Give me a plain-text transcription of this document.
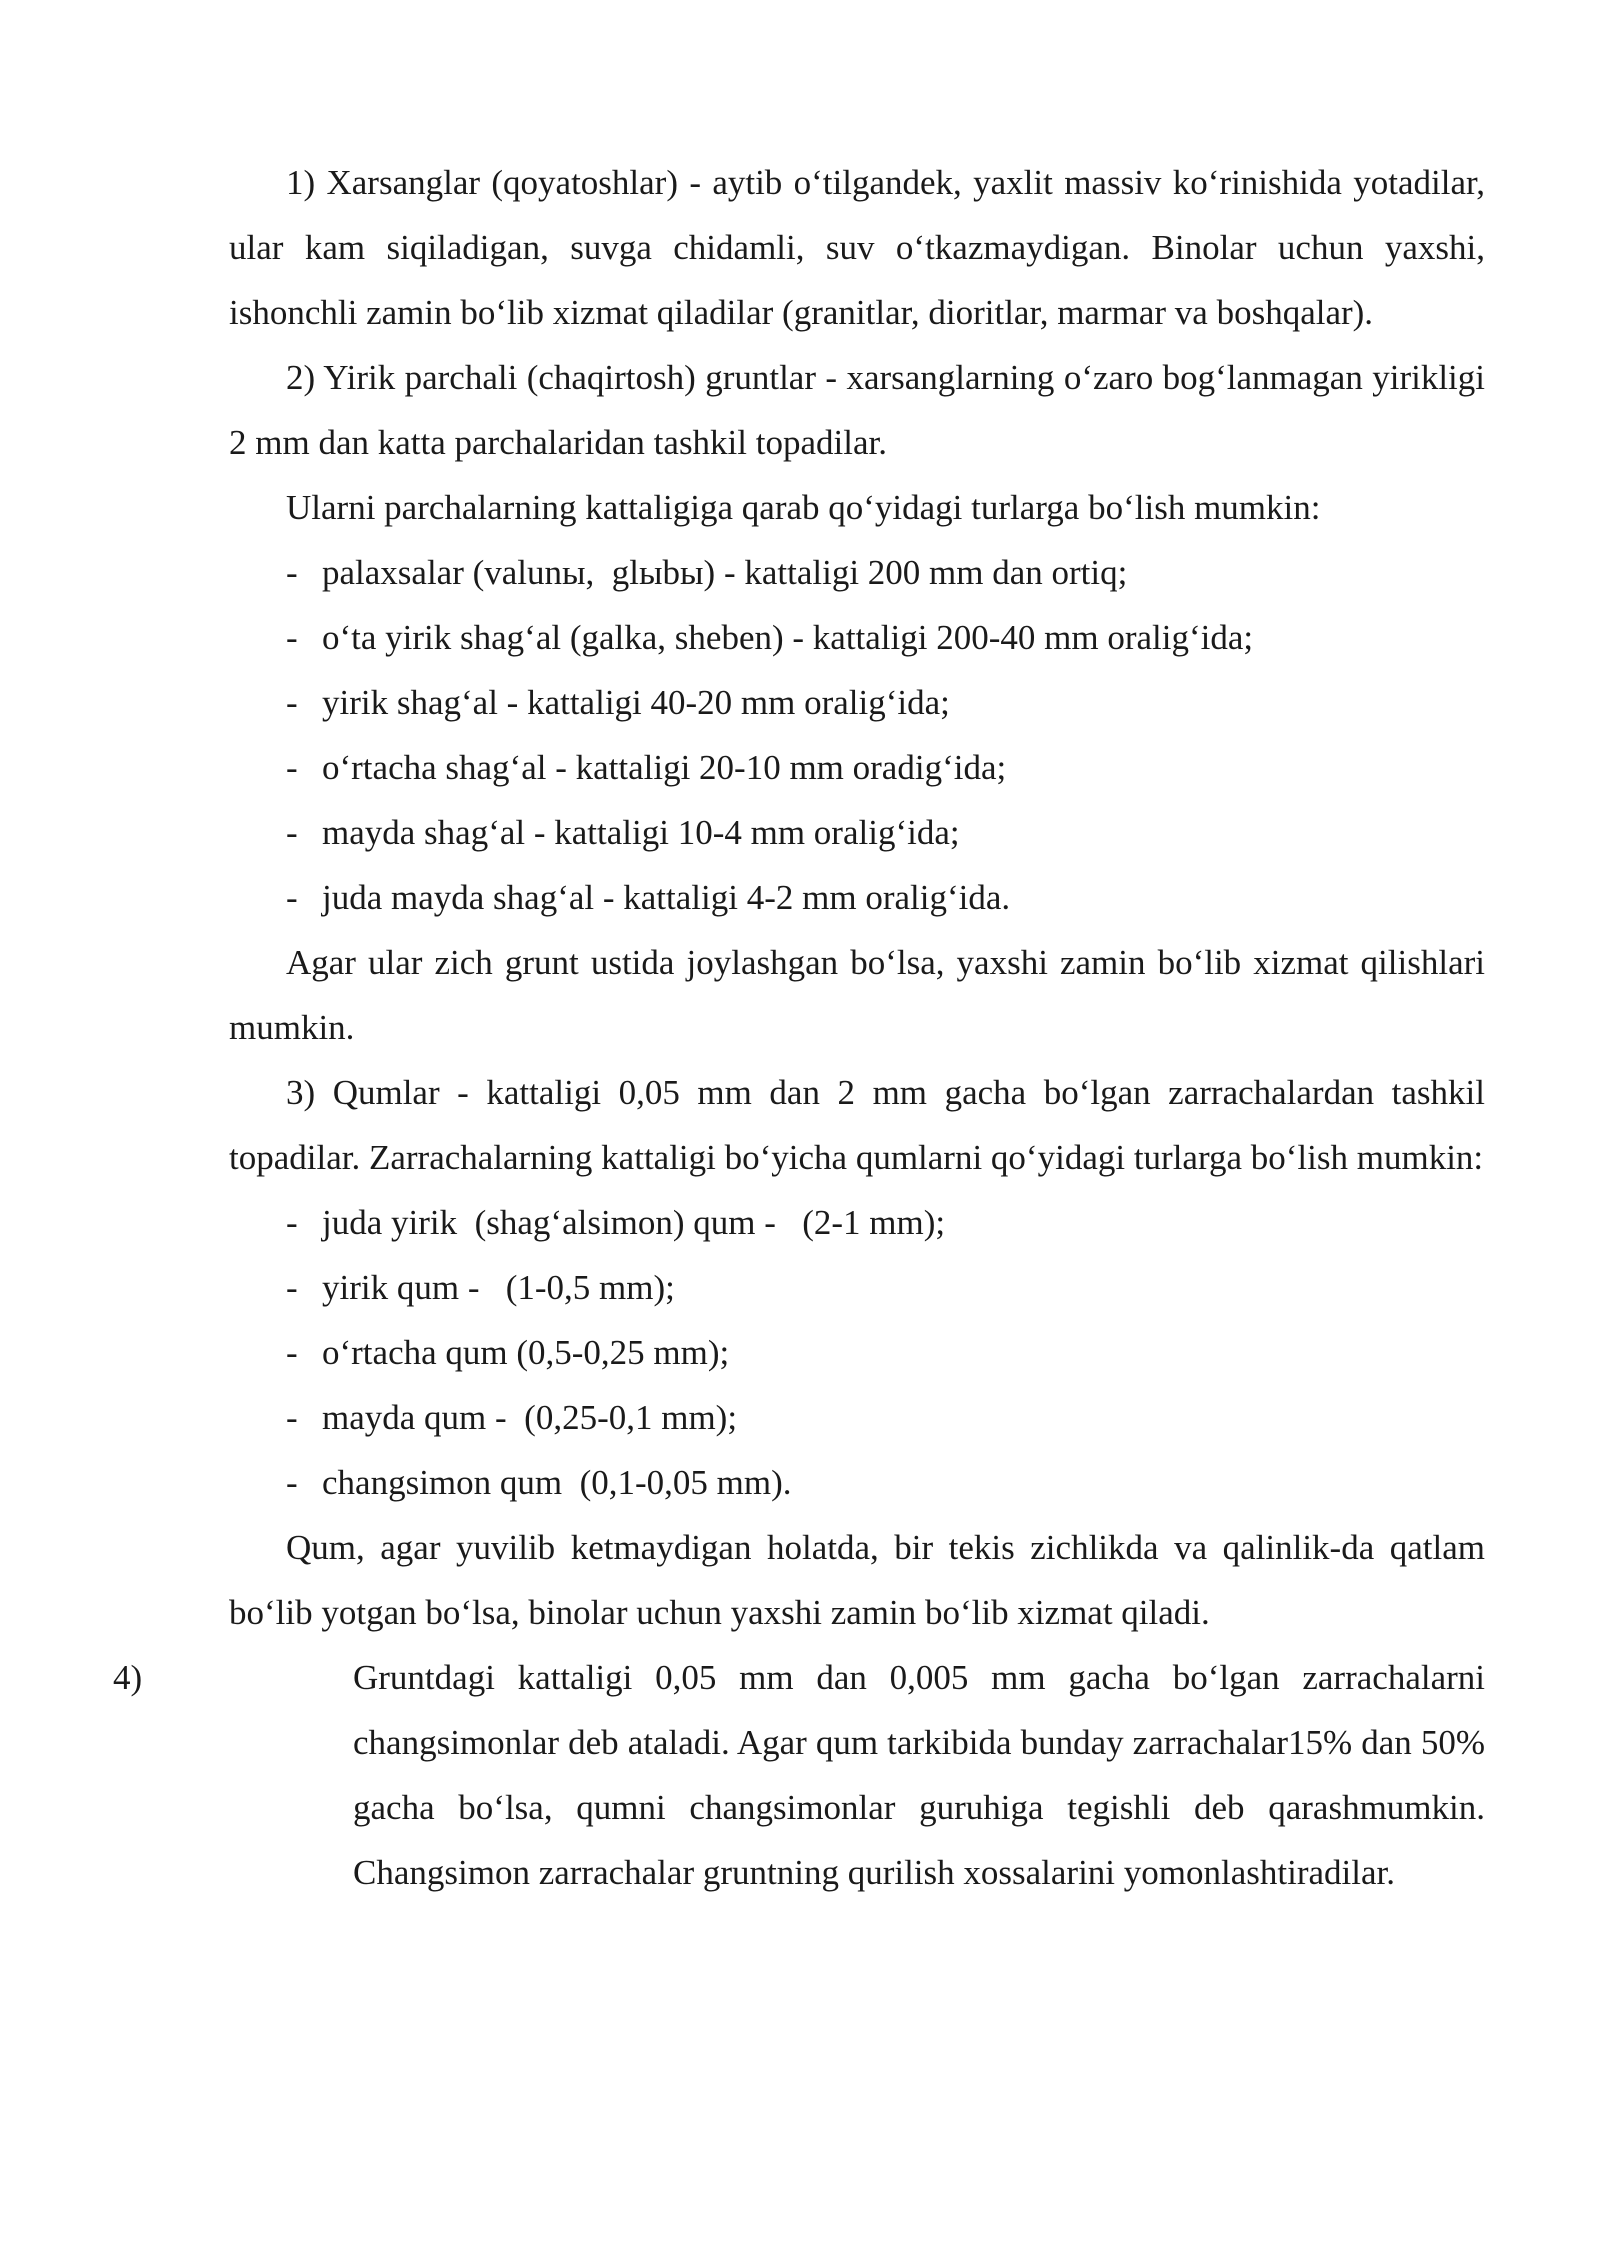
1) Xarsanglar (qoyatoshlar) - aytib o‘tilgandek, yaxlit massiv ko‘rinishida yotadilar, ular kam siqiladigan, suvga chidamli, suv o‘tkazmaydigan. Binolar uchun yaxshi, ishonchli zamin bo‘lib xizmat qiladilar (granitlar, dioritlar, marmar va boshqalar).

2) Yirik parchali (chaqirtosh) gruntlar - xarsanglarning o‘zaro bog‘lanmagan yirikligi 2 mm dan katta parchalaridan tashkil topadilar.

Ularni parchalarning kattaligiga qarab qo‘yidagi turlarga bo‘lish mumkin:

- palaxsalar (valunы,  glыbы) - kattaligi 200 mm dan ortiq;

- o‘ta yirik shag‘al (galka, sheben) - kattaligi 200-40 mm oralig‘ida;

- yirik shag‘al - kattaligi 40-20 mm oralig‘ida;

- o‘rtacha shag‘al - kattaligi 20-10 mm oradig‘ida;

- mayda shag‘al - kattaligi 10-4 mm oralig‘ida;

- juda mayda shag‘al - kattaligi 4-2 mm oralig‘ida.

Agar ular zich grunt ustida joylashgan bo‘lsa, yaxshi zamin bo‘lib xizmat qilishlari mumkin.

3) Qumlar - kattaligi 0,05 mm dan 2 mm gacha bo‘lgan zarrachalardan tashkil topadilar. Zarrachalarning kattaligi bo‘yicha qumlarni qo‘yidagi turlarga bo‘lish mumkin:

- juda yirik  (shag‘alsimon) qum -   (2-1 mm);

- yirik qum -   (1-0,5 mm);

- o‘rtacha qum (0,5-0,25 mm);

- mayda qum -  (0,25-0,1 mm);

- changsimon qum  (0,1-0,05 mm).

Qum, agar yuvilib ketmaydigan holatda, bir tekis zichlikda va qalinlik-da qatlam bo‘lib yotgan bo‘lsa, binolar uchun yaxshi zamin bo‘lib xizmat qiladi.

4)	Gruntdagi kattaligi 0,05 mm dan 0,005 mm gacha bo‘lgan zarrachalarni changsimonlar deb ataladi. Agar qum tarkibida bunday zarrachalar15% dan 50% gacha bo‘lsa, qumni changsimonlar guruhiga tegishli deb qarashmumkin. Changsimon zarrachalar gruntning qurilish xossalarini yomonlashtiradilar.
